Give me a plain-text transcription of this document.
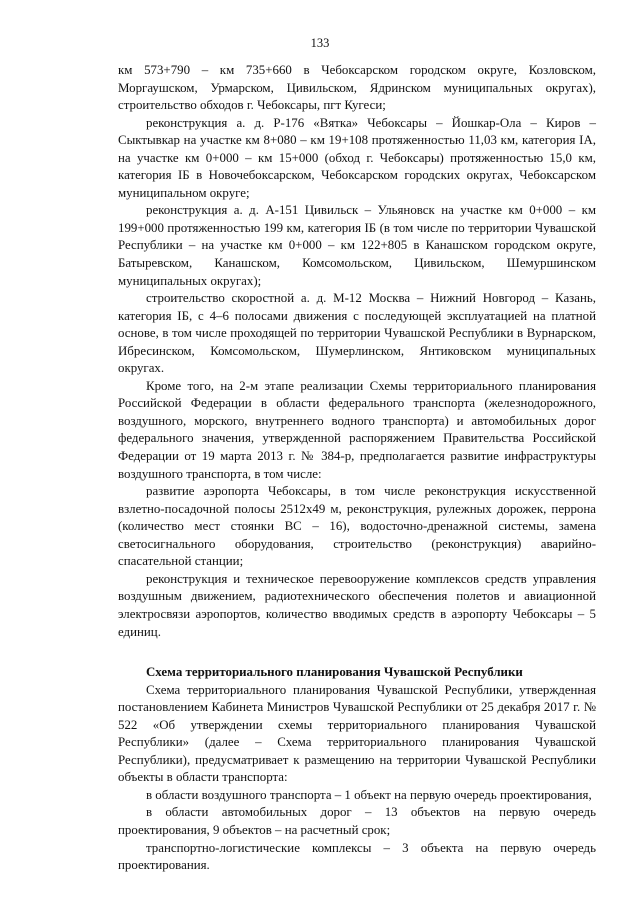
133

км 573+790 – км 735+660 в Чебоксарском городском округе, Козловском, Моргаушском, Урмарском, Цивильском, Ядринском муниципальных округах), строительство обходов г. Чебоксары, пгт Кугеси;

реконструкция а. д. Р-176 «Вятка» Чебоксары – Йошкар-Ола – Киров – Сыктывкар на участке км 8+080 – км 19+108 протяженностью 11,03 км, категория IА, на участке км 0+000 – км 15+000 (обход г. Чебоксары) протяженностью 15,0 км, категория IБ в Новочебоксарском, Чебоксарском городских округах, Чебоксарском муниципальном округе;

реконструкция а. д. А-151 Цивильск – Ульяновск на участке км 0+000 – км 199+000 протяженностью 199 км, категория IБ (в том числе по территории Чувашской Республики – на участке км 0+000 – км 122+805 в Канашском городском округе, Батыревском, Канашском, Комсомольском, Цивильском, Шемуршинском муниципальных округах);

строительство скоростной а. д. М-12 Москва – Нижний Новгород – Казань, категория IБ, с 4–6 полосами движения с последующей эксплуатацией на платной основе, в том числе проходящей по территории Чувашской Республики в Вурнарском, Ибресинском, Комсомольском, Шумерлинском, Янтиковском муниципальных округах.

Кроме того, на 2-м этапе реализации Схемы территориального планирования Российской Федерации в области федерального транспорта (железнодорожного, воздушного, морского, внутреннего водного транспорта) и автомобильных дорог федерального значения, утвержденной распоряжением Правительства Российской Федерации от 19 марта 2013 г. № 384-р, предполагается развитие инфраструктуры воздушного транспорта, в том числе:

развитие аэропорта Чебоксары, в том числе реконструкция искусственной взлетно-посадочной полосы 2512х49 м, реконструкция, рулежных дорожек, перрона (количество мест стоянки ВС – 16), водосточно-дренажной системы, замена светосигнального оборудования, строительство (реконструкция) аварийно-спасательной станции;

реконструкция и техническое перевооружение комплексов средств управления воздушным движением, радиотехнического обеспечения полетов и авиационной электросвязи аэропортов, количество вводимых средств в аэропорту Чебоксары – 5 единиц.

Схема территориального планирования Чувашской Республики

Схема территориального планирования Чувашской Республики, утвержденная постановлением Кабинета Министров Чувашской Республики от 25 декабря 2017 г. № 522 «Об утверждении схемы территориального планирования Чувашской Республики» (далее – Схема территориального планирования Чувашской Республики), предусматривает к размещению на территории Чувашской Республики объекты в области транспорта:

в области воздушного транспорта – 1 объект на первую очередь проектирования,

в области автомобильных дорог – 13 объектов на первую очередь проектирования, 9 объектов – на расчетный срок;

транспортно-логистические комплексы – 3 объекта на первую очередь проектирования.
